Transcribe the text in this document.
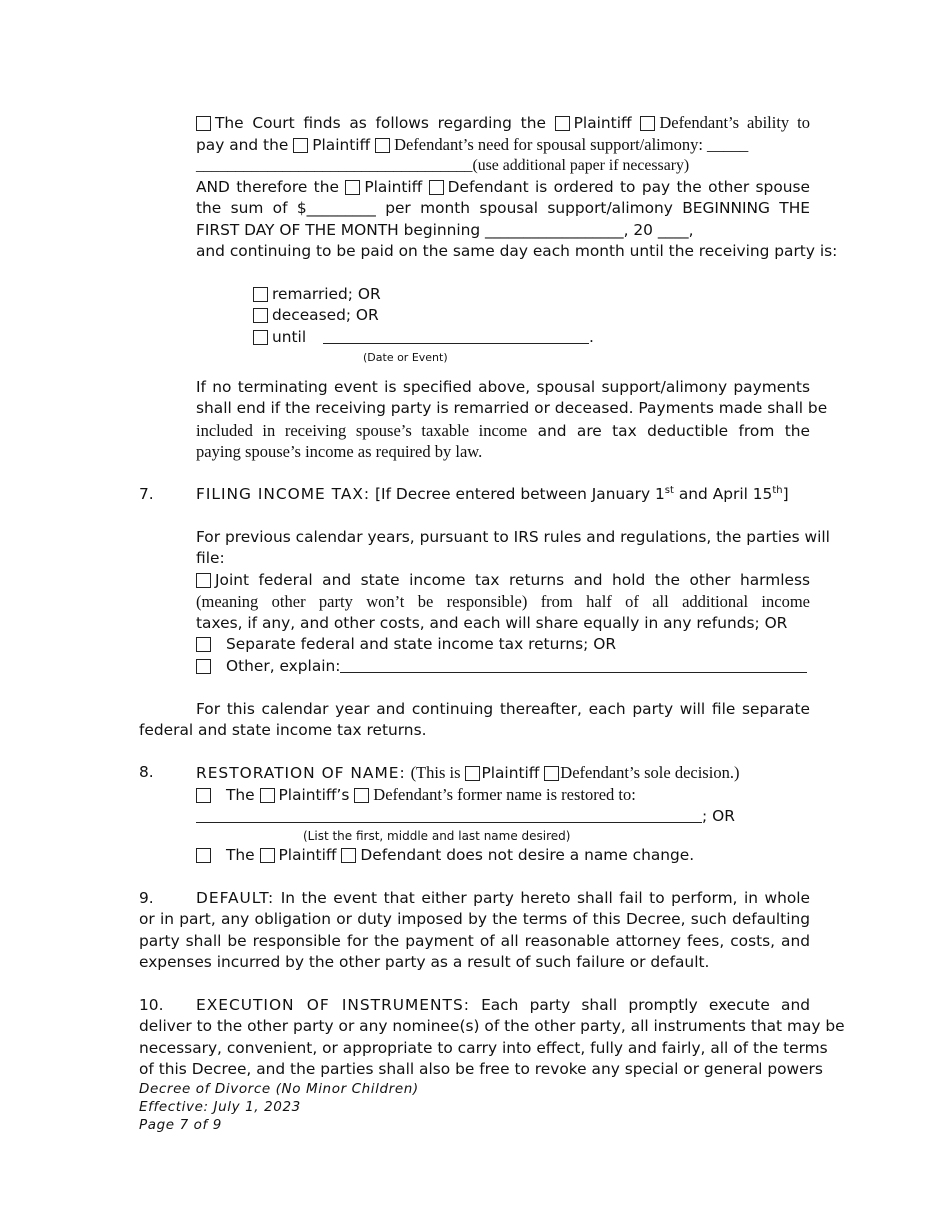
The Court finds as follows regarding the Plaintiff Defendant’s ability to
pay and the Plaintiff Defendant’s need for spousal support/alimony: _____
___________________________________(use additional paper if necessary)
AND therefore the Plaintiff Defendant is ordered to pay the other spouse
the sum of $_________ per month spousal support/alimony BEGINNING THE
FIRST DAY OF THE MONTH beginning __________________, 20 ____,
and continuing to be paid on the same day each month until the receiving party is:
remarried; OR
deceased; OR
until	.
(Date or Event)
If no terminating event is specified above, spousal support/alimony payments
shall end if the receiving party is remarried or deceased. Payments made shall be
included in receiving spouse’s taxable income and are tax deductible from the
paying spouse’s income as required by law.
7.	FILING INCOME TAX: [If Decree entered between January 1st and April 15th]
For previous calendar years, pursuant to IRS rules and regulations, the parties will
file:
Joint federal and state income tax returns and hold the other harmless
(meaning other party won’t be responsible) from half of all additional income
taxes, if any, and other costs, and each will share equally in any refunds; OR
Separate federal and state income tax returns; OR
Other, explain:
For this calendar year and continuing thereafter, each party will file separate
federal and state income tax returns.
8.	RESTORATION OF NAME: (This is Plaintiff Defendant’s sole decision.)
The Plaintiff’s Defendant’s former name is restored to:
; OR
(List the first, middle and last name desired)
The Plaintiff Defendant does not desire a name change.
9.	DEFAULT: In the event that either party hereto shall fail to perform, in whole
or in part, any obligation or duty imposed by the terms of this Decree, such defaulting
party shall be responsible for the payment of all reasonable attorney fees, costs, and
expenses incurred by the other party as a result of such failure or default.
10. EXECUTION OF INSTRUMENTS: Each party shall promptly execute and
deliver to the other party or any nominee(s) of the other party, all instruments that may be
necessary, convenient, or appropriate to carry into effect, fully and fairly, all of the terms
of this Decree, and the parties shall also be free to revoke any special or general powers
Decree of Divorce (No Minor Children)
Effective: July 1, 2023
Page 7 of 9
